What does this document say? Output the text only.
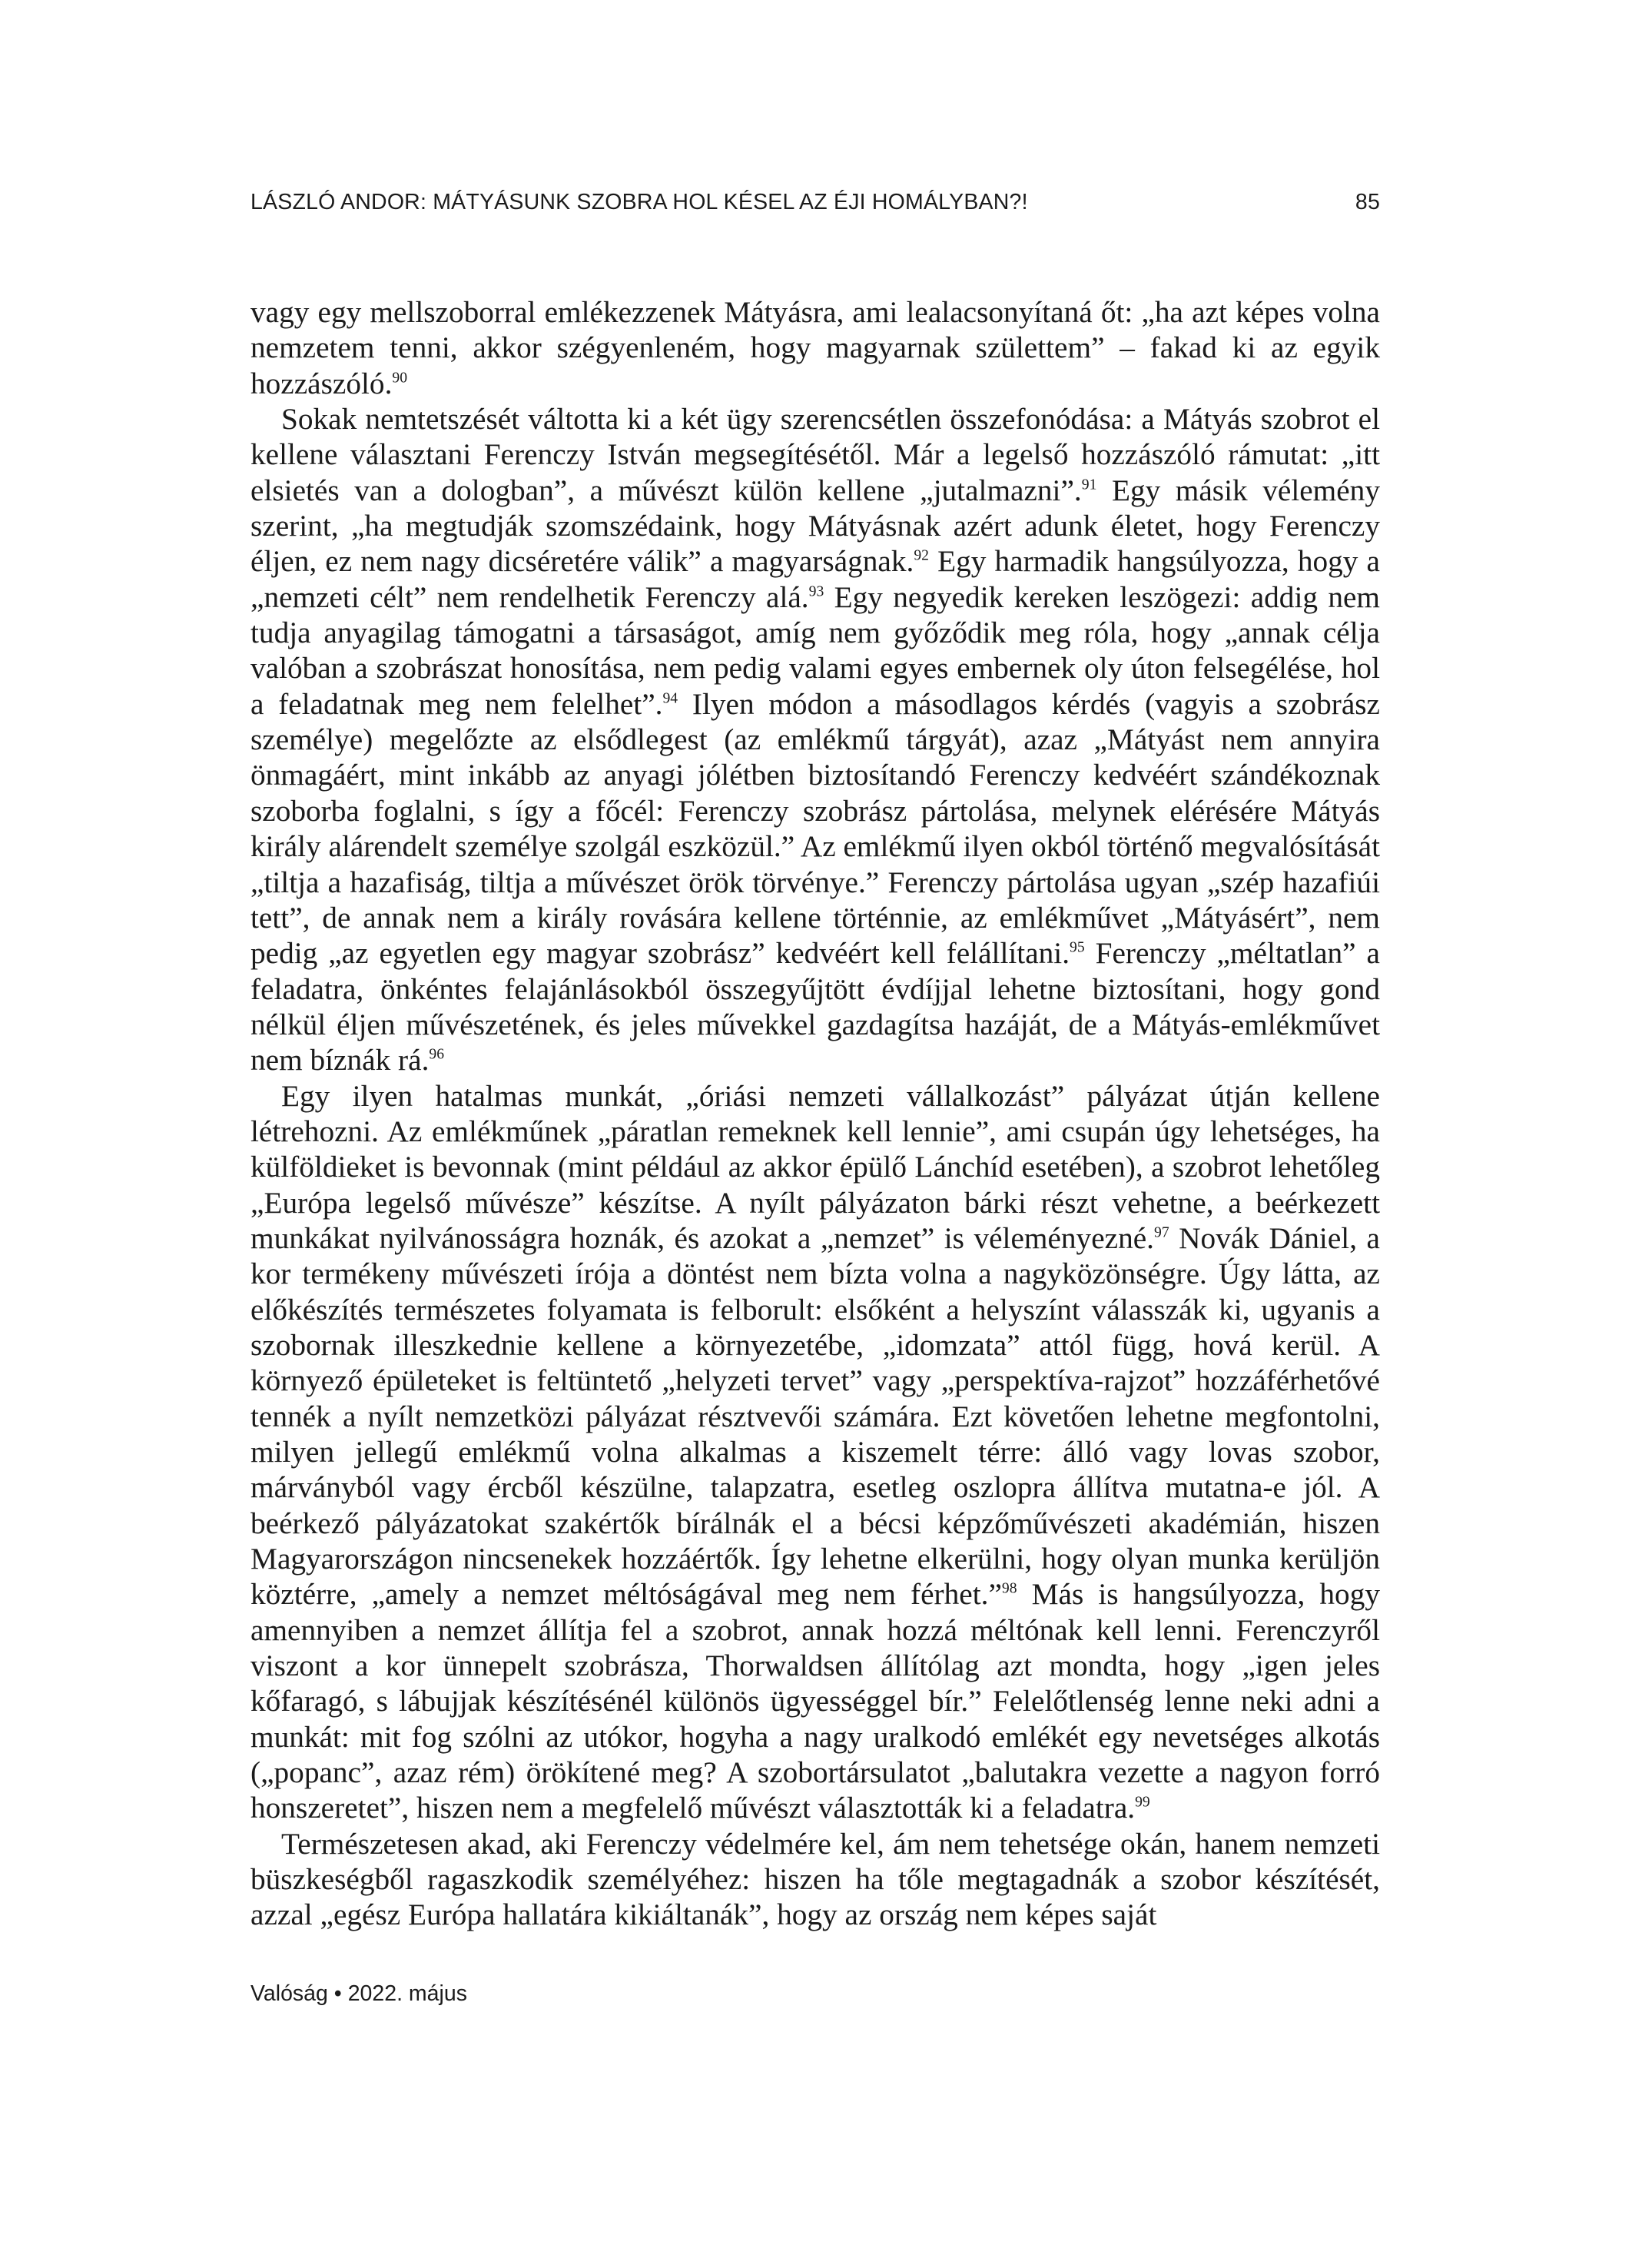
LÁSZLÓ ANDOR: MÁTYÁSUNK SZOBRA HOL KÉSEL AZ ÉJI HOMÁLYBAN?!	85

vagy egy mellszoborral emlékezzenek Mátyásra, ami lealacsonyítaná őt: „ha azt képes volna nemzetem tenni, akkor szégyenleném, hogy magyarnak születtem” – fakad ki az egyik hozzászóló.$^{90}$

Sokak nemtetszését váltotta ki a két ügy szerencsétlen összefonódása: a Mátyás szobrot el kellene választani Ferenczy István megsegítésétől. Már a legelső hozzászóló rámutat: „itt elsietés van a dologban”, a művészt külön kellene „jutalmazni”.$^{91}$ Egy másik vélemény szerint, „ha megtudják szomszédaink, hogy Mátyásnak azért adunk életet, hogy Ferenczy éljen, ez nem nagy dicséretére válik” a magyarságnak.$^{92}$ Egy harmadik hangsúlyozza, hogy a „nemzeti célt” nem rendelhetik Ferenczy alá.$^{93}$ Egy negyedik kereken leszögezi: addig nem tudja anyagilag támogatni a társaságot, amíg nem győződik meg róla, hogy „annak célja valóban a szobrászat honosítása, nem pedig valami egyes embernek oly úton felsegélése, hol a feladatnak meg nem felelhet”.$^{94}$ Ilyen módon a másodlagos kérdés (vagyis a szobrász személye) megelőzte az elsődlegest (az emlékmű tárgyát), azaz „Mátyást nem annyira önmagáért, mint inkább az anyagi jólétben biztosítandó Ferenczy kedvéért szándékoznak szoborba foglalni, s így a főcél: Ferenczy szobrász pártolása, melynek elérésére Mátyás király alárendelt személye szolgál eszközül.” Az emlékmű ilyen okból történő megvalósítását „tiltja a hazafiság, tiltja a művészet örök törvénye.” Ferenczy pártolása ugyan „szép hazafiúi tett”, de annak nem a király rovására kellene történnie, az emlékművet „Mátyásért”, nem pedig „az egyetlen egy magyar szobrász” kedvéért kell felállítani.$^{95}$ Ferenczy „méltatlan” a feladatra, önkéntes felajánlásokból összegyűjtött évdíjjal lehetne biztosítani, hogy gond nélkül éljen művészetének, és jeles művekkel gazdagítsa hazáját, de a Mátyás-emlékművet nem bíznák rá.$^{96}$

Egy ilyen hatalmas munkát, „óriási nemzeti vállalkozást” pályázat útján kellene létrehozni. Az emlékműnek „páratlan remeknek kell lennie”, ami csupán úgy lehetséges, ha külföldieket is bevonnak (mint például az akkor épülő Lánchíd esetében), a szobrot lehetőleg „Európa legelső művésze” készítse. A nyílt pályázaton bárki részt vehetne, a beérkezett munkákat nyilvánosságra hoznák, és azokat a „nemzet” is véleményezné.$^{97}$ Novák Dániel, a kor termékeny művészeti írója a döntést nem bízta volna a nagyközönségre. Úgy látta, az előkészítés természetes folyamata is felborult: elsőként a helyszínt válasszák ki, ugyanis a szobornak illeszkednie kellene a környezetébe, „idomzata” attól függ, hová kerül. A környező épületeket is feltüntető „helyzeti tervet” vagy „perspektíva-rajzot” hozzáférhetővé tennék a nyílt nemzetközi pályázat résztvevői számára. Ezt követően lehetne megfontolni, milyen jellegű emlékmű volna alkalmas a kiszemelt térre: álló vagy lovas szobor, márványból vagy ércből készülne, talapzatra, esetleg oszlopra állítva mutatna-e jól. A beérkező pályázatokat szakértők bírálnák el a bécsi képzőművészeti akadémián, hiszen Magyarországon nincsenekek hozzáértők. Így lehetne elkerülni, hogy olyan munka kerüljön köztérre, „amely a nemzet méltóságával meg nem férhet.”$^{98}$ Más is hangsúlyozza, hogy amennyiben a nemzet állítja fel a szobrot, annak hozzá méltónak kell lenni. Ferenczyről viszont a kor ünnepelt szobrásza, Thorwaldsen állítólag azt mondta, hogy „igen jeles kőfaragó, s lábujjak készítésénél különös ügyességgel bír.” Felelőtlenség lenne neki adni a munkát: mit fog szólni az utókor, hogyha a nagy uralkodó emlékét egy nevetséges alkotás („popanc”, azaz rém) örökítené meg? A szobortársulatot „balutakra vezette a nagyon forró honszeretet”, hiszen nem a megfelelő művészt választották ki a feladatra.$^{99}$

Természetesen akad, aki Ferenczy védelmére kel, ám nem tehetsége okán, hanem nemzeti büszkeségből ragaszkodik személyéhez: hiszen ha tőle megtagadnák a szobor készítését, azzal „egész Európa hallatára kikiáltanák”, hogy az ország nem képes saját

Valóság • 2022. május
